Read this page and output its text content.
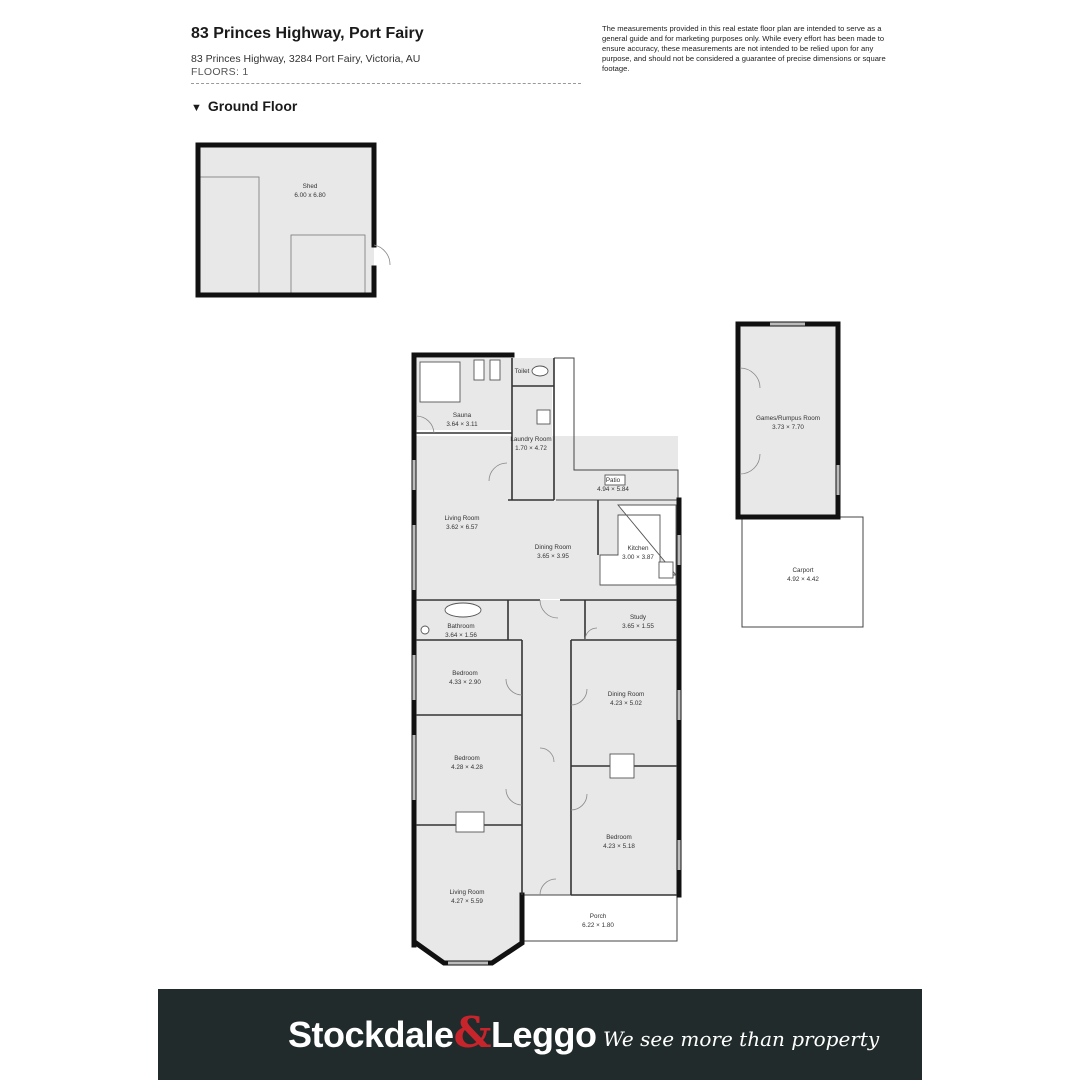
83 Princes Highway, Port Fairy
83 Princes Highway, 3284 Port Fairy, Victoria, AU
FLOORS: 1
The measurements provided in this real estate floor plan are intended to serve as a general guide and for marketing purposes only. While every effort has been made to ensure accuracy, these measurements are not intended to be relied upon for any purpose, and should not be considered a guarantee of precise dimensions or square footage.
▼ Ground Floor
Shed
6.00 x 6.80
Sauna
3.64 × 3.11
Toilet
Laundry Room
1.70 × 4.72
Patio
4.94 × 5.84
Living Room
3.62 × 6.57
Dining Room
3.65 × 3.95
Kitchen
3.00 × 3.87
Bathroom
3.64 × 1.56
Study
3.65 × 1.55
Bedroom
4.33 × 2.90
Dining Room
4.23 × 5.02
Bedroom
4.28 × 4.28
Bedroom
4.23 × 5.18
Living Room
4.27 × 5.59
Porch
6.22 × 1.80
Games/Rumpus Room
3.73 × 7.70
Carport
4.92 × 4.42
Stockdale&Leggo We see more than property
